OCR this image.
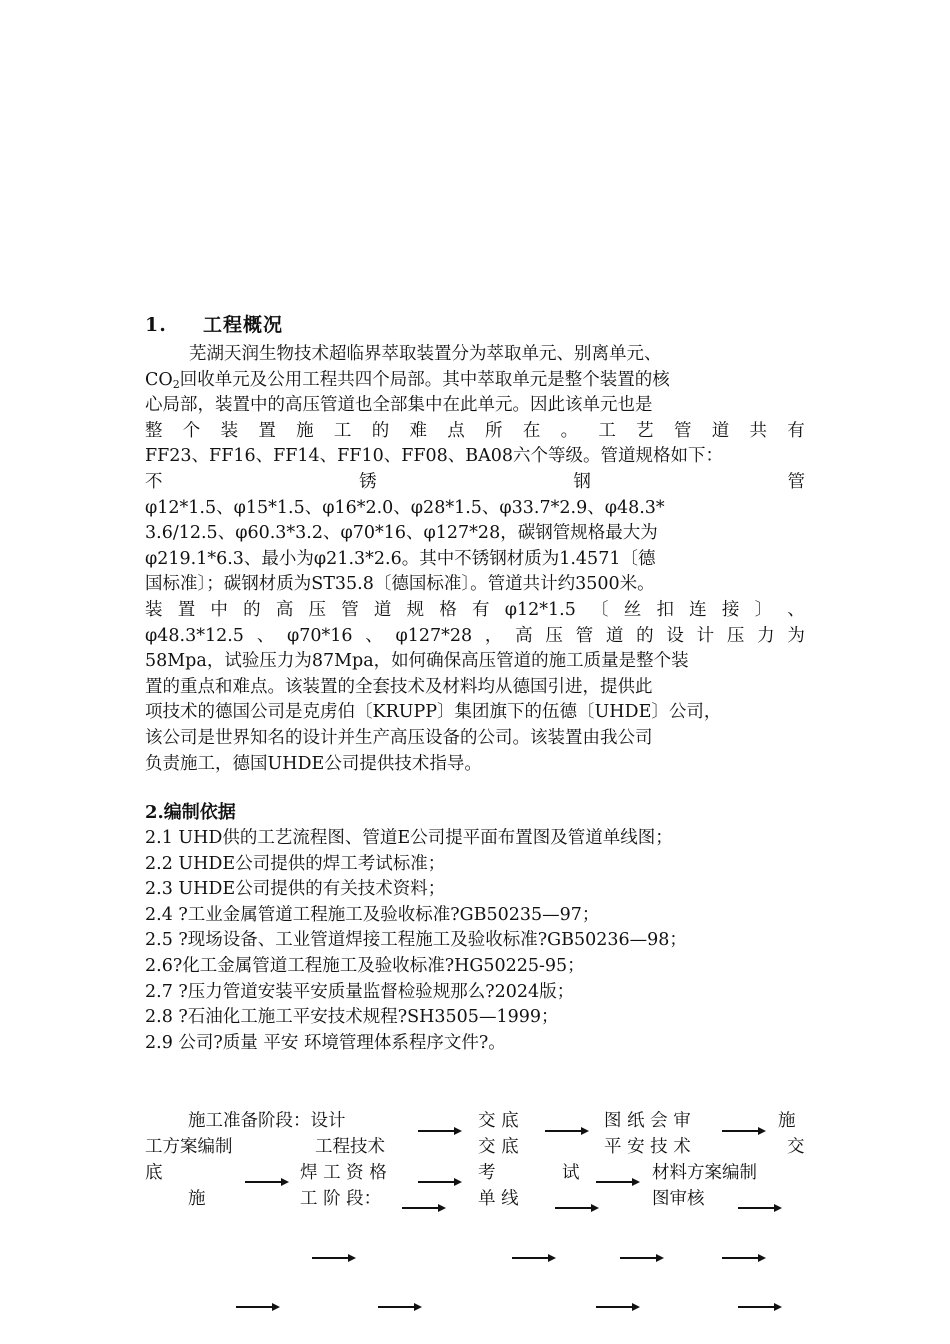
1. 工程概况
芜湖天润生物技术超临界萃取装置分为萃取单元、别离单元、
$CO_2$回收单元及公用工程共四个局部。其中萃取单元是整个装置的核
心局部，装置中的高压管道也全部集中在此单元。因此该单元也是
整 个 装 置 施 工 的 难 点 所 在 。 工 艺 管 道 共 有
FF23、FF16、FF14、FF10、FF08、BA08六个等级。管道规格如下：
不	锈	钢	管
φ12*1.5、φ15*1.5、φ16*2.0、φ28*1.5、φ33.7*2.9、φ48.3*
3.6/12.5、φ60.3*3.2、φ70*16、φ127*28，碳钢管规格最大为
φ219.1*6.3、最小为φ21.3*2.6。其中不锈钢材质为1.4571〔德
国标准〕；碳钢材质为ST35.8〔德国标准〕。管道共计约3500米。
装 置 中 的 高 压 管 道 规 格 有 φ12*1.5 〔 丝 扣 连 接 〕 、
φ48.3*12.5 、 φ70*16 、 φ127*28 ， 高 压 管 道 的 设 计 压 力 为
58Mpa，试验压力为87Mpa，如何确保高压管道的施工质量是整个装
置的重点和难点。该装置的全套技术及材料均从德国引进，提供此
项技术的德国公司是克虏伯〔KRUPP〕集团旗下的伍德〔UHDE〕公司，
该公司是世界知名的设计并生产高压设备的公司。该装置由我公司
负责施工，德国UHDE公司提供技术指导。
2.编制依据
2.1 UHD供的工艺流程图、管道E公司提平面布置图及管道单线图；
2.2 UHDE公司提供的焊工考试标准；
2.3 UHDE公司提供的有关技术资料；
2.4 ?工业金属管道工程施工及验收标准?GB50235—97；
2.5 ?现场设备、工业管道焊接工程施工及验收标准?GB50236—98；
2.6?化工金属管道工程施工及验收标准?HG50225-95；
2.7 ?压力管道安装平安质量监督检验规那么?2024版；
2.8 ?石油化工施工平安技术规程?SH3505—1999；
2.9 公司?质量 平安 环境管理体系程序文件?。
施工准备阶段：设计	交 底	图 纸 会 审	施
工方案编制	工程技术	交 底	平 安 技 术	交
底	焊 工 资 格	考	试	材料方案编制
施	工 阶 段：	单 线	图审核
